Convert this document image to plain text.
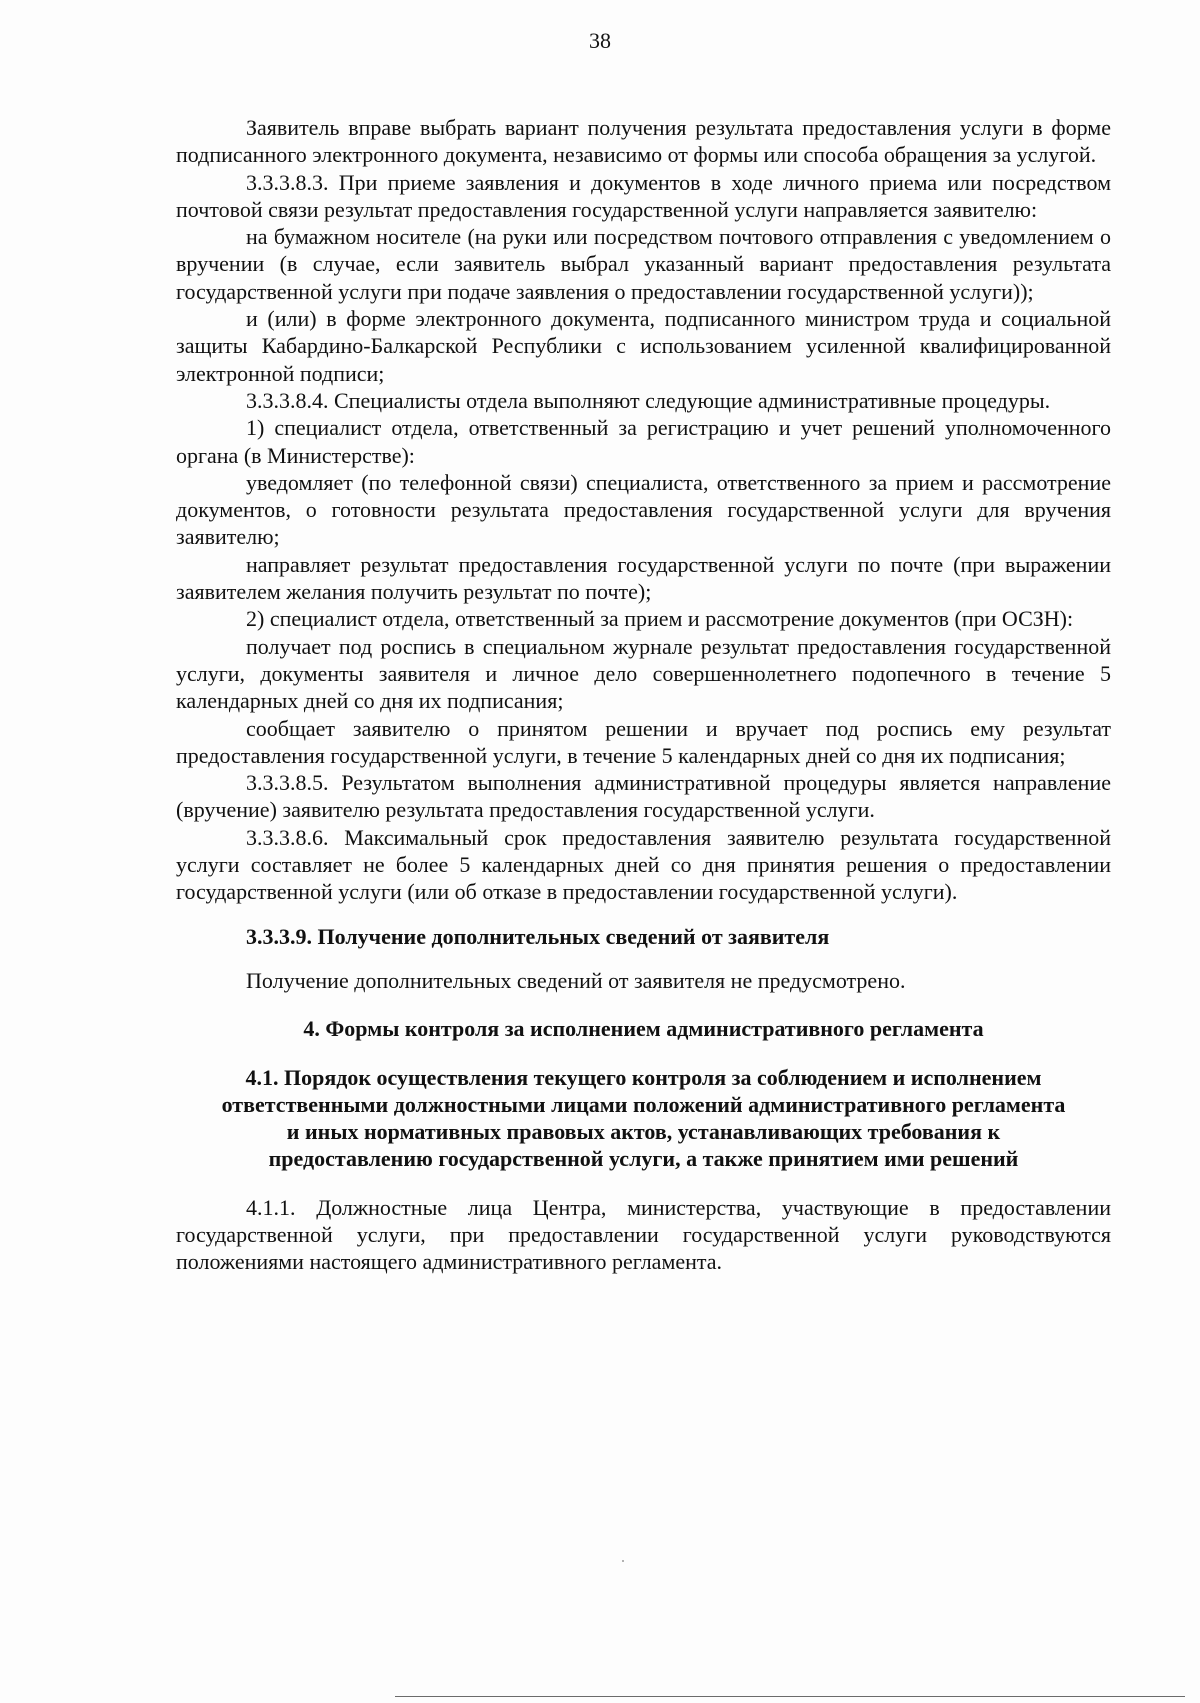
38

Заявитель вправе выбрать вариант получения результата предоставления услуги в форме подписанного электронного документа, независимо от формы или способа обращения за услугой.

3.3.3.8.3. При приеме заявления и документов в ходе личного приема или посредством почтовой связи результат предоставления государственной услуги направляется заявителю:

на бумажном носителе (на руки или посредством почтового отправления с уведомлением о вручении (в случае, если заявитель выбрал указанный вариант предоставления результата государственной услуги при подаче заявления о предоставлении государственной услуги));

и (или) в форме электронного документа, подписанного министром труда и социальной защиты Кабардино-Балкарской Республики с использованием усиленной квалифицированной электронной подписи;

3.3.3.8.4. Специалисты отдела выполняют следующие административные процедуры.

1) специалист отдела, ответственный за регистрацию и учет решений уполномоченного органа (в Министерстве):

уведомляет (по телефонной связи) специалиста, ответственного за прием и рассмотрение документов, о готовности результата предоставления государственной услуги для вручения заявителю;

направляет результат предоставления государственной услуги по почте (при выражении заявителем желания получить результат по почте);

2) специалист отдела, ответственный за прием и рассмотрение документов (при ОСЗН):

получает под роспись в специальном журнале результат предоставления государственной услуги, документы заявителя и личное дело совершеннолетнего подопечного в течение 5 календарных дней со дня их подписания;

сообщает заявителю о принятом решении и вручает под роспись ему результат предоставления государственной услуги, в течение 5 календарных дней со дня их подписания;

3.3.3.8.5. Результатом выполнения административной процедуры является направление (вручение) заявителю результата предоставления государственной услуги.

3.3.3.8.6. Максимальный срок предоставления заявителю результата государственной услуги составляет не более 5 календарных дней со дня принятия решения о предоставлении государственной услуги (или об отказе в предоставлении государственной услуги).

3.3.3.9. Получение дополнительных сведений от заявителя

Получение дополнительных сведений от заявителя не предусмотрено.

4. Формы контроля за исполнением административного регламента

4.1. Порядок осуществления текущего контроля за соблюдением и исполнением
ответственными должностными лицами положений административного регламента
и иных нормативных правовых актов, устанавливающих требования к
предоставлению государственной услуги, а также принятием ими решений

4.1.1. Должностные лица Центра, министерства, участвующие в предоставлении государственной услуги, при предоставлении государственной услуги руководствуются положениями настоящего административного регламента.
